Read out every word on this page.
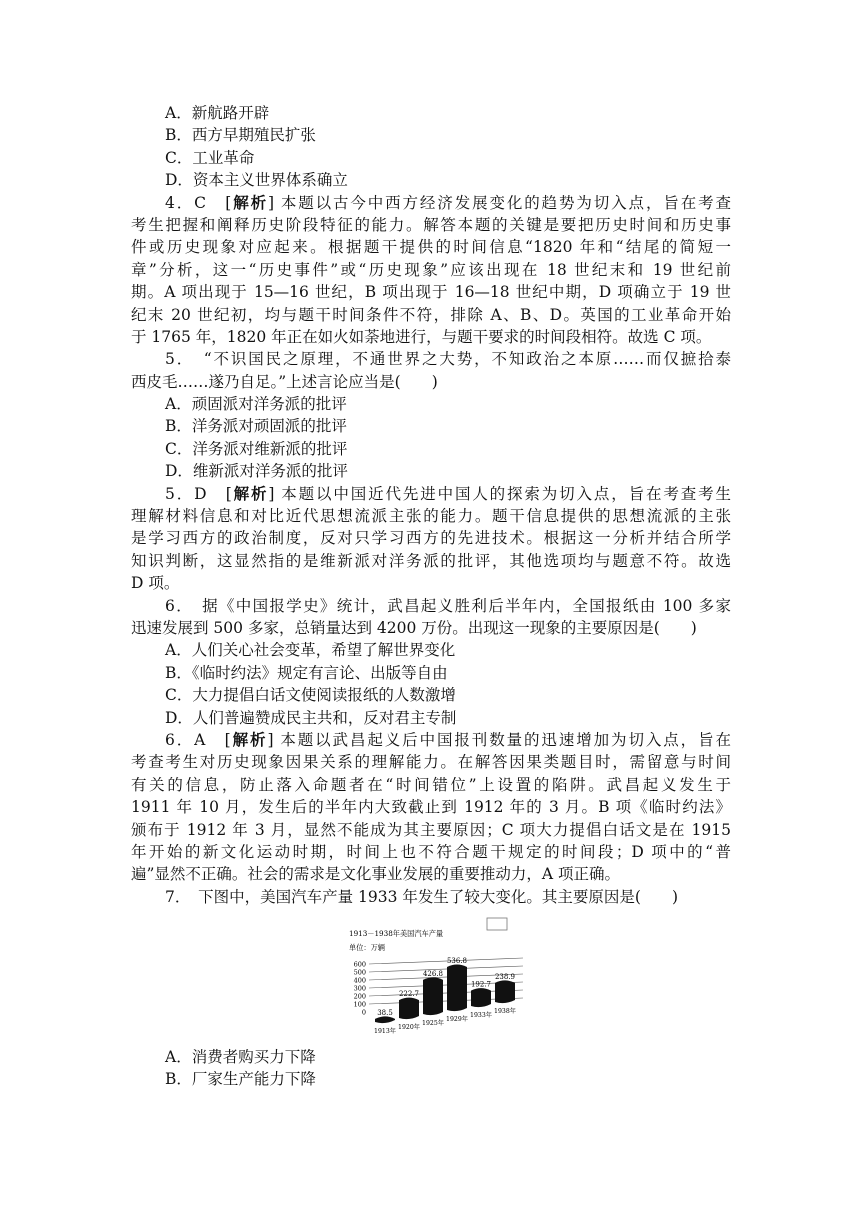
A．新航路开辟
B．西方早期殖民扩张
C．工业革命
D．资本主义世界体系确立
4．C　[解析] 本题以古今中西方经济发展变化的趋势为切入点，旨在考查
考生把握和阐释历史阶段特征的能力。解答本题的关键是要把历史时间和历史事
件或历史现象对应起来。根据题干提供的时间信息“1820 年和“结尾的简短一
章”分析，这一“历史事件”或“历史现象”应该出现在 18 世纪末和 19 世纪前
期。A 项出现于 15—16 世纪，B 项出现于 16—18 世纪中期，D 项确立于 19 世
纪末 20 世纪初，均与题干时间条件不符，排除 A、B、D。英国的工业革命开始
于 1765 年，1820 年正在如火如荼地进行，与题干要求的时间段相符。故选 C 项。
5．　“不识国民之原理，不通世界之大势，不知政治之本原……而仅摭拾泰
西皮毛……遂乃自足。”上述言论应当是(　　)
A．顽固派对洋务派的批评
B．洋务派对顽固派的批评
C．洋务派对维新派的批评
D．维新派对洋务派的批评
5．D　[解析] 本题以中国近代先进中国人的探索为切入点，旨在考查考生
理解材料信息和对比近代思想流派主张的能力。题干信息提供的思想流派的主张
是学习西方的政治制度，反对只学习西方的先进技术。根据这一分析并结合所学
知识判断，这显然指的是维新派对洋务派的批评，其他选项均与题意不符。故选
D 项。
6．　据《中国报学史》统计，武昌起义胜利后半年内，全国报纸由 100 多家
迅速发展到 500 多家，总销量达到 4200 万份。出现这一现象的主要原因是(　　)
A．人们关心社会变革，希望了解世界变化
B．《临时约法》规定有言论、出版等自由
C．大力提倡白话文使阅读报纸的人数激增
D．人们普遍赞成民主共和，反对君主专制
6．A　[解析] 本题以武昌起义后中国报刊数量的迅速增加为切入点，旨在
考查考生对历史现象因果关系的理解能力。在解答因果类题目时，需留意与时间
有关的信息，防止落入命题者在“时间错位”上设置的陷阱。武昌起义发生于
1911 年 10 月，发生后的半年内大致截止到 1912 年的 3 月。B 项《临时约法》
颁布于 1912 年 3 月，显然不能成为其主要原因；C 项大力提倡白话文是在 1915
年开始的新文化运动时期，时间上也不符合题干规定的时间段；D 项中的“普
遍”显然不正确。社会的需求是文化事业发展的重要推动力，A 项正确。
7．　下图中，美国汽车产量 1933 年发生了较大变化。其主要原因是(　　)
1913－1938年美国汽车产量
单位：万辆
0
100
200
300
400
500
600
38.5
1913年
222.7
1920年
426.8
1925年
536.8
1929年
192.7
1933年
238.9
1938年
A．消费者购买力下降
B．厂家生产能力下降
